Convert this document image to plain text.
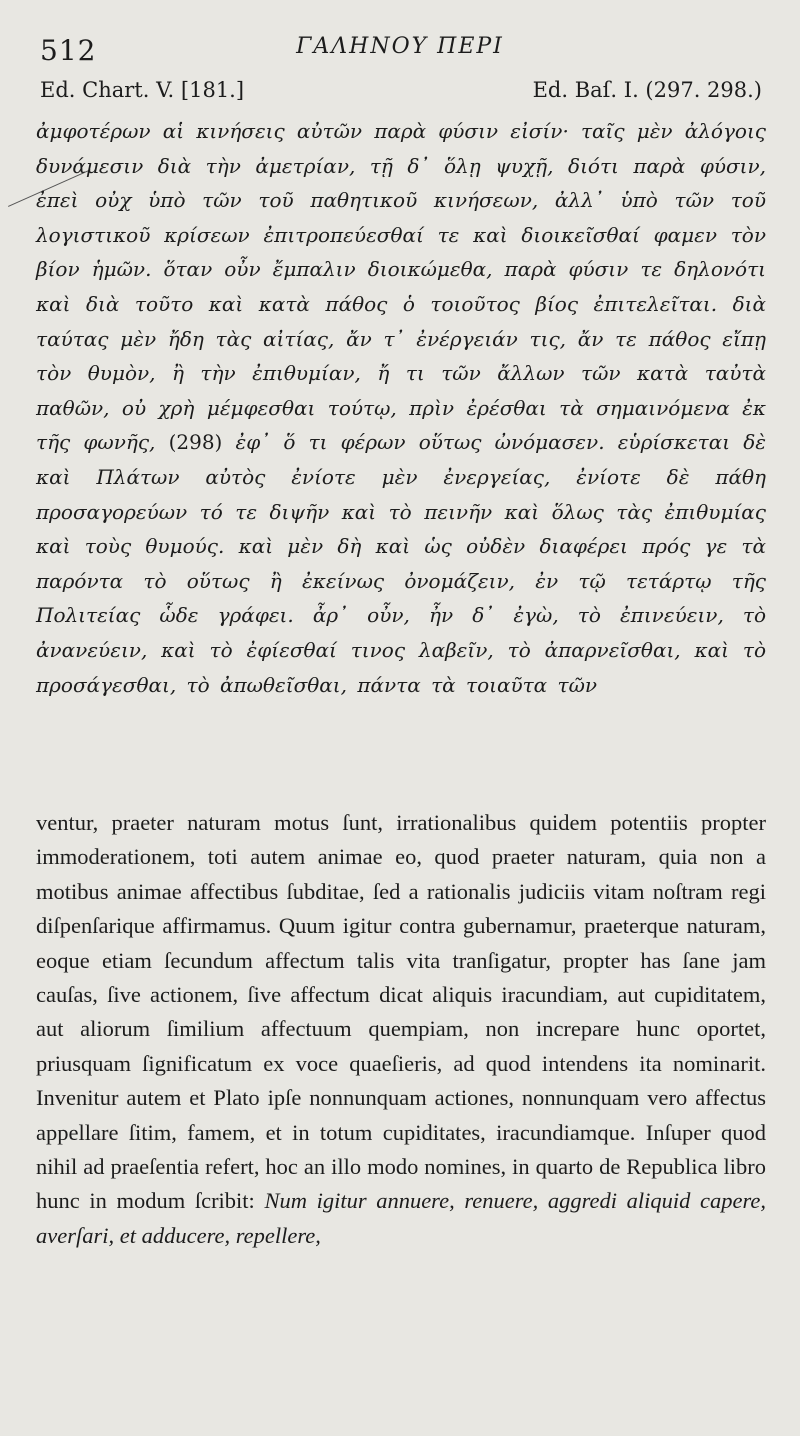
512	ΓΑΛΗΝΟΥ ΠΕΡΙ
Ed. Chart. V. [181.]	Ed. Baſ. I. (297. 298.)

ἀμφοτέρων αἱ κινήσεις αὐτῶν παρὰ φύσιν εἰσίν· ταῖς μὲν ἀλόγοις δυνάμεσιν διὰ τὴν ἀμετρίαν, τῇ δ᾽ ὅλῃ ψυχῇ, διότι παρὰ φύσιν, ἐπεὶ οὐχ ὑπὸ τῶν τοῦ παθητικοῦ κινήσεων, ἀλλ᾽ ὑπὸ τῶν τοῦ λογιστικοῦ κρίσεων ἐπιτροπεύεσθαί τε καὶ διοικεῖσθαί φαμεν τὸν βίον ἡμῶν. ὅταν οὖν ἔμπαλιν διοικώμεθα, παρὰ φύσιν τε δηλονότι καὶ διὰ τοῦτο καὶ κατὰ πάθος ὁ τοιοῦτος βίος ἐπιτελεῖται. διὰ ταύτας μὲν ἤδη τὰς αἰτίας, ἄν τ᾽ ἐνέργειάν τις, ἄν τε πάθος εἴπῃ τὸν θυμὸν, ἢ τὴν ἐπιθυμίαν, ἤ τι τῶν ἄλλων τῶν κατὰ ταὐτὰ παθῶν, οὐ χρὴ μέμφεσθαι τούτῳ, πρὶν ἐρέσθαι τὰ σημαινόμενα ἐκ τῆς φωνῆς, (298) ἐφ᾽ ὅ τι φέρων οὕτως ὠνόμασεν. εὑρίσκεται δὲ καὶ Πλάτων αὐτὸς ἐνίοτε μὲν ἐνεργείας, ἐνίοτε δὲ πάθη προσαγορεύων τό τε διψῆν καὶ τὸ πεινῆν καὶ ὅλως τὰς ἐπιθυμίας καὶ τοὺς θυμούς. καὶ μὲν δὴ καὶ ὡς οὐδὲν διαφέρει πρός γε τὰ παρόντα τὸ οὕτως ἢ ἐκείνως ὀνομάζειν, ἐν τῷ τετάρτῳ τῆς Πολιτείας ὧδε γράφει. ἆρ᾽ οὖν, ἦν δ᾽ ἐγὼ, τὸ ἐπινεύειν, τὸ ἀνανεύειν, καὶ τὸ ἐφίεσθαί τινος λαβεῖν, τὸ ἀπαρνεῖσθαι, καὶ τὸ προσάγεσθαι, τὸ ἀπωθεῖσθαι, πάντα τὰ τοιαῦτα τῶν

ventur, praeter naturam motus ſunt, irrationalibus quidem potentiis propter immoderationem, toti autem animae eo, quod praeter naturam, quia non a motibus animae affectibus ſubditae, ſed a rationalis judiciis vitam noſtram regi diſpenſarique affirmamus. Quum igitur contra gubernamur, praeterque naturam, eoque etiam ſecundum affectum talis vita tranſigatur, propter has ſane jam cauſas, ſive actionem, ſive affectum dicat aliquis iracundiam, aut cupiditatem, aut aliorum ſimilium affectuum quempiam, non increpare hunc oportet, priusquam ſignificatum ex voce quaeſieris, ad quod intendens ita nominarit. Invenitur autem et Plato ipſe nonnunquam actiones, nonnunquam vero affectus appellare ſitim, famem, et in totum cupiditates, iracundiamque. Inſuper quod nihil ad praeſentia refert, hoc an illo modo nomines, in quarto de Republica libro hunc in modum ſcribit: Num igitur annuere, renuere, aggredi aliquid capere, averſari, et adducere, repellere,
